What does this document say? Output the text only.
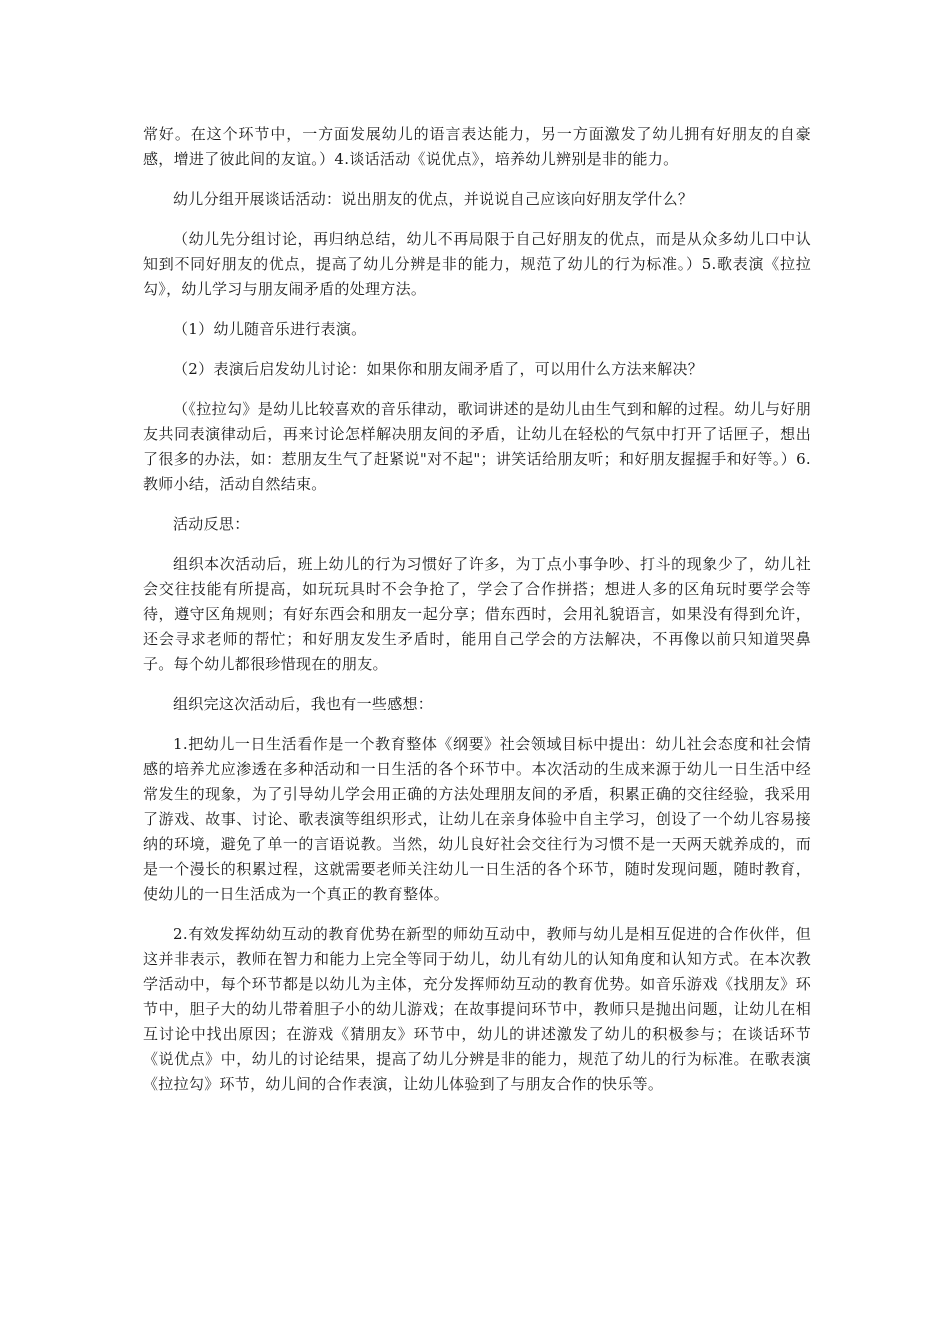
常好。在这个环节中，一方面发展幼儿的语言表达能力，另一方面激发了幼儿拥有好朋友的自豪感，增进了彼此间的友谊。）4.谈话活动《说优点》，培养幼儿辨别是非的能力。

幼儿分组开展谈话活动：说出朋友的优点，并说说自己应该向好朋友学什么？

（幼儿先分组讨论，再归纳总结，幼儿不再局限于自己好朋友的优点，而是从众多幼儿口中认知到不同好朋友的优点，提高了幼儿分辨是非的能力，规范了幼儿的行为标准。）5.歌表演《拉拉勾》，幼儿学习与朋友闹矛盾的处理方法。

（1）幼儿随音乐进行表演。

（2）表演后启发幼儿讨论：如果你和朋友闹矛盾了，可以用什么方法来解决？

（《拉拉勾》是幼儿比较喜欢的音乐律动，歌词讲述的是幼儿由生气到和解的过程。幼儿与好朋友共同表演律动后，再来讨论怎样解决朋友间的矛盾，让幼儿在轻松的气氛中打开了话匣子，想出了很多的办法，如：惹朋友生气了赶紧说"对不起"；讲笑话给朋友听；和好朋友握握手和好等。）6.教师小结，活动自然结束。

活动反思：

组织本次活动后，班上幼儿的行为习惯好了许多，为丁点小事争吵、打斗的现象少了，幼儿社会交往技能有所提高，如玩玩具时不会争抢了，学会了合作拼搭；想进人多的区角玩时要学会等待，遵守区角规则；有好东西会和朋友一起分享；借东西时，会用礼貌语言，如果没有得到允许，还会寻求老师的帮忙；和好朋友发生矛盾时，能用自己学会的方法解决，不再像以前只知道哭鼻子。每个幼儿都很珍惜现在的朋友。

组织完这次活动后，我也有一些感想：

1.把幼儿一日生活看作是一个教育整体《纲要》社会领域目标中提出：幼儿社会态度和社会情感的培养尤应渗透在多种活动和一日生活的各个环节中。本次活动的生成来源于幼儿一日生活中经常发生的现象，为了引导幼儿学会用正确的方法处理朋友间的矛盾，积累正确的交往经验，我采用了游戏、故事、讨论、歌表演等组织形式，让幼儿在亲身体验中自主学习，创设了一个幼儿容易接纳的环境，避免了单一的言语说教。当然，幼儿良好社会交往行为习惯不是一天两天就养成的，而是一个漫长的积累过程，这就需要老师关注幼儿一日生活的各个环节，随时发现问题，随时教育，使幼儿的一日生活成为一个真正的教育整体。

2.有效发挥幼幼互动的教育优势在新型的师幼互动中，教师与幼儿是相互促进的合作伙伴，但这并非表示，教师在智力和能力上完全等同于幼儿，幼儿有幼儿的认知角度和认知方式。在本次教学活动中，每个环节都是以幼儿为主体，充分发挥师幼互动的教育优势。如音乐游戏《找朋友》环节中，胆子大的幼儿带着胆子小的幼儿游戏；在故事提问环节中，教师只是抛出问题，让幼儿在相互讨论中找出原因；在游戏《猜朋友》环节中，幼儿的讲述激发了幼儿的积极参与；在谈话环节《说优点》中，幼儿的讨论结果，提高了幼儿分辨是非的能力，规范了幼儿的行为标准。在歌表演《拉拉勾》环节，幼儿间的合作表演，让幼儿体验到了与朋友合作的快乐等。
